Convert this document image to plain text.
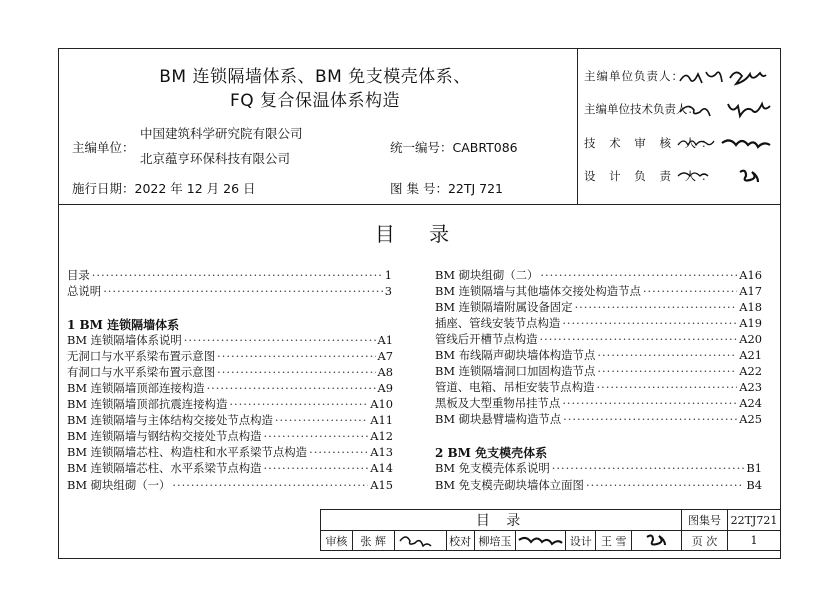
BM 连锁隔墙体系、BM 免支模壳体系、
FQ 复合保温体系构造
主编单位：
中国建筑科学研究院有限公司
北京蕴亨环保科技有限公司
统一编号：CABRT086
施行日期：2022 年 12 月 26 日	图 集 号：22TJ 721
主编单位负责人：
主编单位技术负责人：
技 术 审 核 人：
设 计 负 责 人：
目 录
目录 ·····	1
总说明 ·····	3
1 BM 连锁隔墙体系
BM 连锁隔墙体系说明 ·····	A1
无洞口与水平系梁布置示意图 ·····	A7
有洞口与水平系梁布置示意图 ·····	A8
BM 连锁隔墙顶部连接构造 ·····	A9
BM 连锁隔墙顶部抗震连接构造 ·····	A10
BM 连锁隔墙与主体结构交接处节点构造 ·····	A11
BM 连锁隔墙与钢结构交接处节点构造 ·····	A12
BM 连锁隔墙芯柱、构造柱和水平系梁节点构造 ·····	A13
BM 连锁隔墙芯柱、水平系梁节点构造 ·····	A14
BM 砌块组砌（一） ·····	A15
BM 砌块组砌（二） ·····	A16
BM 连锁隔墙与其他墙体交接处构造节点 ·····	A17
BM 连锁隔墙附属设备固定 ·····	A18
插座、管线安装节点构造 ·····	A19
管线后开槽节点构造 ·····	A20
BM 布线隔声砌块墙体构造节点 ·····	A21
BM 连锁隔墙洞口加固构造节点 ·····	A22
管道、电箱、吊柜安装节点构造 ·····	A23
黑板及大型重物吊挂节点 ·····	A24
BM 砌块悬臂墙构造节点 ·····	A25
2 BM 免支模壳体系
BM 免支模壳体系说明 ·····	B1
BM 免支模壳砌块墙体立面图 ·····	B4
目 录									图集号	22TJ721
审核	张 辉		校对	柳培玉		设计	王 雪		页 次	1
